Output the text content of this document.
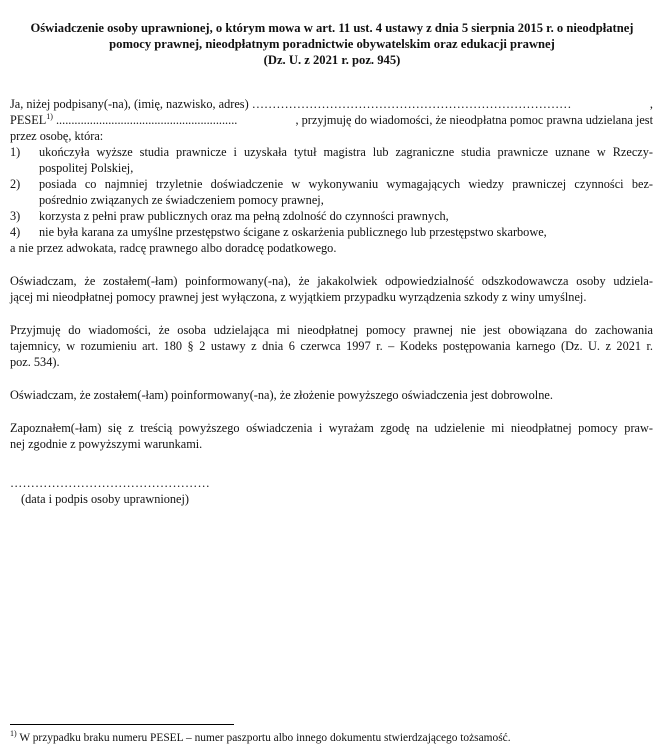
Oświadczenie osoby uprawnionej, o którym mowa w art. 11 ust. 4 ustawy z dnia 5 sierpnia 2015 r. o nieodpłatnej
pomocy prawnej, nieodpłatnym poradnictwie obywatelskim oraz edukacji prawnej
(Dz. U. z 2021 r. poz. 945)
Ja, niżej podpisany(-na), (imię, nazwisko, adres) ……………………………………………………………………	,
PESEL$^{1)}$ ...........................................................	, przyjmuję do wiadomości, że nieodpłatna pomoc prawna udzielana jest
przez osobę, która:
1)	ukończyła wyższe studia prawnicze i uzyskała tytuł magistra lub zagraniczne studia prawnicze uznane w Rzeczy-
pospolitej Polskiej,
2)	posiada co najmniej trzyletnie doświadczenie w wykonywaniu wymagających wiedzy prawniczej czynności bez-
pośrednio związanych ze świadczeniem pomocy prawnej,
3)	korzysta z pełni praw publicznych oraz ma pełną zdolność do czynności prawnych,
4)	nie była karana za umyślne przestępstwo ścigane z oskarżenia publicznego lub przestępstwo skarbowe,
a nie przez adwokata, radcę prawnego albo doradcę podatkowego.
Oświadczam, że zostałem(-łam) poinformowany(-na), że jakakolwiek odpowiedzialność odszkodowawcza osoby udziela-
jącej mi nieodpłatnej pomocy prawnej jest wyłączona, z wyjątkiem przypadku wyrządzenia szkody z winy umyślnej.
Przyjmuję do wiadomości, że osoba udzielająca mi nieodpłatnej pomocy prawnej nie jest obowiązana do zachowania
tajemnicy, w rozumieniu art. 180 § 2 ustawy z dnia 6 czerwca 1997 r. – Kodeks postępowania karnego (Dz. U. z 2021 r.
poz. 534).
Oświadczam, że zostałem(-łam) poinformowany(-na), że złożenie powyższego oświadczenia jest dobrowolne.
Zapoznałem(-łam) się z treścią powyższego oświadczenia i wyrażam zgodę na udzielenie mi nieodpłatnej pomocy praw-
nej zgodnie z powyższymi warunkami.
…………………………………………
(data i podpis osoby uprawnionej)
$^{1)}$ W przypadku braku numeru PESEL – numer paszportu albo innego dokumentu stwierdzającego tożsamość.
